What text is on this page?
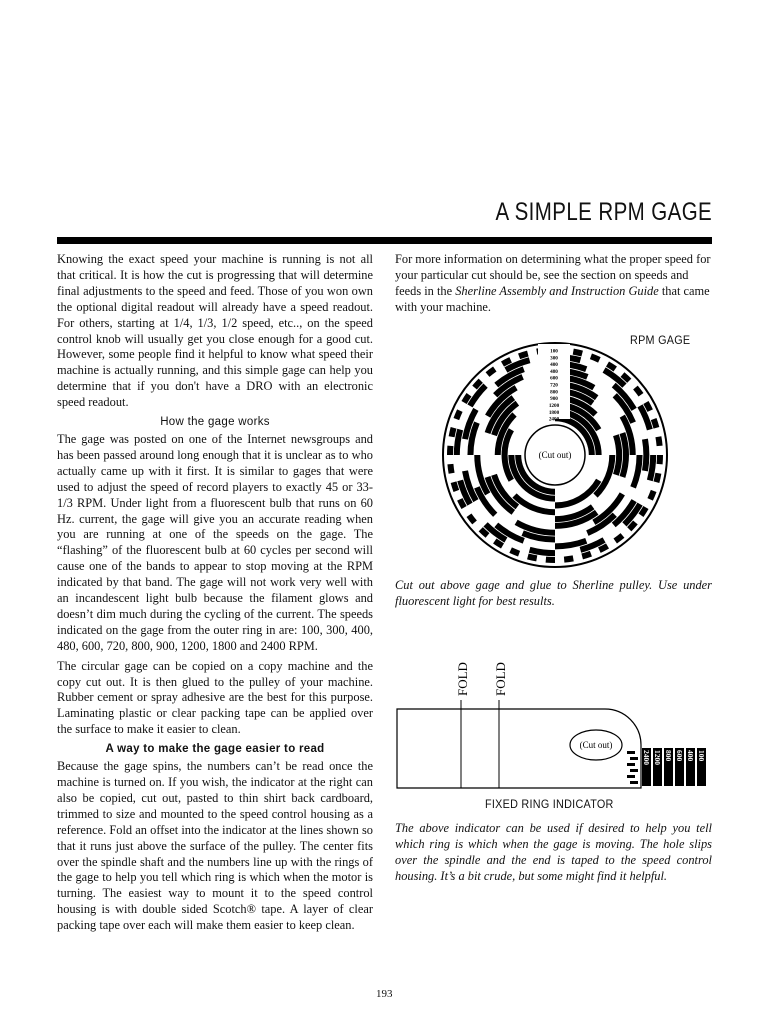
A SIMPLE RPM GAGE

Knowing the exact speed your machine is running is not all that critical. It is how the cut is progressing that will determine final adjustments to the speed and feed. Those of you won own the optional digital readout will already have a speed readout. For others, starting at 1/4, 1/3, 1/2 speed, etc.., on the speed control knob will usually get you close enough for a good cut. However, some people find it helpful to know what speed their machine is actually running, and this simple gage can help you determine that if you don't have a DRO with an electronic speed readout.

How the gage works

The gage was posted on one of the Internet newsgroups and has been passed around long enough that it is unclear as to who actually came up with it first. It is similar to gages that were used to adjust the speed of record players to exactly 45 or 33-1/3 RPM. Under light from a fluorescent bulb that runs on 60 Hz. current, the gage will give you an accurate reading when you are running at one of the speeds on the gage. The “flashing” of the fluorescent bulb at 60 cycles per second will cause one of the bands to appear to stop moving at the RPM indicated by that band. The gage will not work very well with an incandescent light bulb because the filament glows and doesn’t dim much during the cycling of the current. The speeds indicated on the gage from the outer ring in are: 100, 300, 400, 480, 600, 720, 800, 900, 1200, 1800 and 2400 RPM.

The circular gage can be copied on a copy machine and the copy cut out. It is then glued to the pulley of your machine. Rubber cement or spray adhesive are the best for this purpose. Laminating plastic or clear packing tape can be applied over the surface to make it easier to clean.

A way to make the gage easier to read

Because the gage spins, the numbers can’t be read once the machine is turned on. If you wish, the indicator at the right can also be copied, cut out, pasted to thin shirt back cardboard, trimmed to size and mounted to the speed control housing as a reference. Fold an offset into the indicator at the lines shown so that it runs just above the surface of the pulley. The center fits over the spindle shaft and the numbers line up with the rings of the gage to help you tell which ring is which when the motor is turning. The easiest way to mount it to the speed control housing is with double sided Scotch® tape. A layer of clear packing tape over each will make them easier to keep clean.

For more information on determining what the proper speed for your particular cut should be, see the section on speeds and feeds in the Sherline Assembly and Instruction Guide that came with your machine.

RPM GAGE
100
300
400
480
600
720
800
900
1200
1800
2400
(Cut out)
Cut out above gage and glue to Sherline pulley. Use under fluorescent light for best results.
FOLD FOLD
(Cut out)
100
400
600
800
1200
2400
FIXED RING INDICATOR
The above indicator can be used if desired to help you tell which ring is which when the gage is moving. The hole slips over the spindle and the end is taped to the speed control housing. It’s a bit crude, but some might find it helpful.
193
